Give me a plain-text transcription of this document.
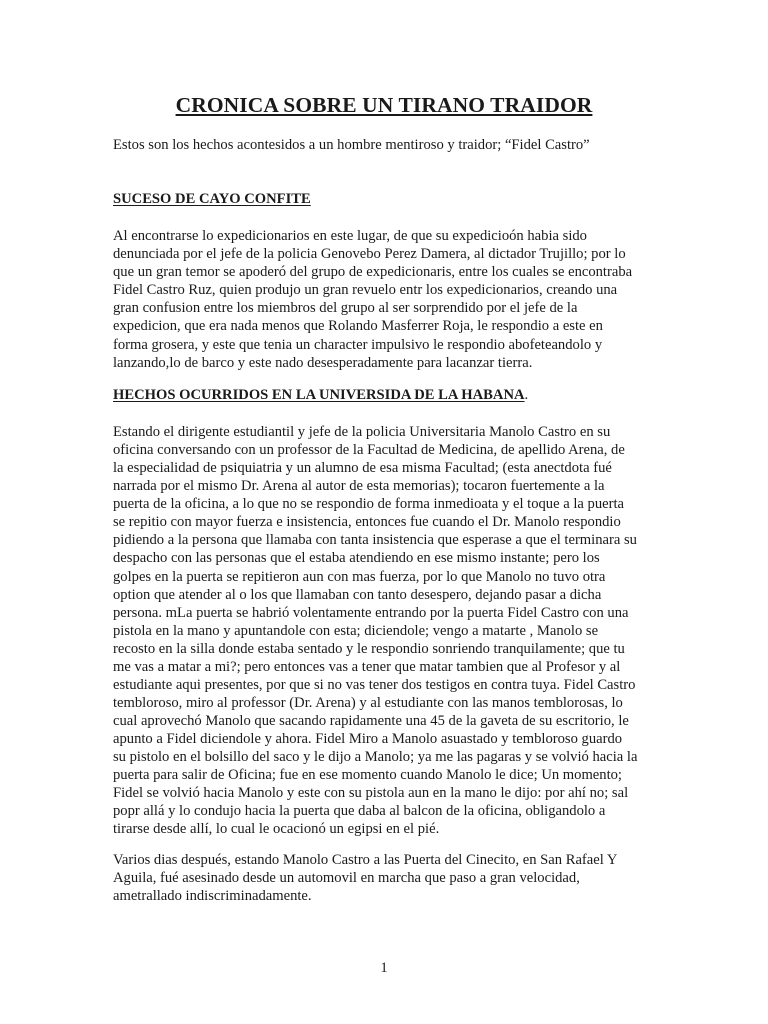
CRONICA SOBRE UN TIRANO TRAIDOR

Estos son los hechos acontesidos a un hombre mentiroso y traidor; “Fidel Castro”

SUCESO DE CAYO CONFITE

Al encontrarse lo expedicionarios en este lugar, de que su expedicioón habia sido
denunciada por el jefe de la policia Genovebo Perez Damera, al dictador Trujillo; por lo
que un gran temor se apoderó del grupo de expedicionaris, entre los cuales se encontraba
Fidel Castro Ruz, quien produjo un gran revuelo entr los expedicionarios, creando una
gran confusion entre los miembros del grupo al ser sorprendido por el jefe de la
expedicion, que era nada menos que Rolando Masferrer Roja, le respondio a este en
forma grosera, y este que tenia un character impulsivo le respondio abofeteandolo y
lanzando,lo de barco y este nado desesperadamente para lacanzar tierra.

HECHOS OCURRIDOS EN LA UNIVERSIDA DE LA HABANA.

Estando el dirigente estudiantil y jefe de la policia Universitaria Manolo Castro en su
oficina conversando con un professor de la Facultad de Medicina, de apellido Arena, de
la especialidad de psiquiatria y un alumno de esa misma Facultad; (esta anectdota fué
narrada por el mismo Dr. Arena al autor de esta memorias); tocaron fuertemente a la
puerta de la oficina, a lo que no se respondio de forma inmedioata y el toque a la puerta
se repitio con mayor fuerza e insistencia, entonces fue cuando el Dr. Manolo respondio
pidiendo a la persona que llamaba con tanta insistencia que esperase a que el terminara su
despacho con las personas que el estaba atendiendo en ese mismo instante; pero los
golpes en la puerta se repitieron aun con mas fuerza, por lo que Manolo no tuvo otra
option que atender al o los que llamaban con tanto desespero, dejando pasar a dicha
persona. mLa puerta se habrió volentamente entrando por la puerta Fidel Castro con una
pistola en la mano y apuntandole con esta; diciendole; vengo a matarte , Manolo se
recosto en la silla donde estaba sentado y le respondio sonriendo tranquilamente; que tu
me vas a matar a mi?; pero entonces vas a tener que matar tambien que al Profesor y al
estudiante aqui presentes, por que si no vas tener dos testigos en contra tuya. Fidel Castro
tembloroso, miro al professor (Dr. Arena) y al estudiante con las manos temblorosas, lo
cual aprovechó Manolo que sacando rapidamente una 45 de la gaveta de su escritorio, le
apunto a Fidel diciendole y ahora. Fidel Miro a Manolo asuastado y tembloroso guardo
su pistolo en el bolsillo del saco y le dijo a Manolo; ya me las pagaras y se volvió hacia la
puerta para salir de Oficina; fue en ese momento cuando Manolo le dice; Un momento;
Fidel se volvió hacia Manolo y este con su pistola aun en la mano le dijo: por ahí no; sal
popr allá y lo condujo hacia la puerta que daba al balcon de la oficina, obligandolo a
tirarse desde allí, lo cual le ocacionó un egipsi en el pié.
Varios dias después, estando Manolo Castro a las Puerta del Cinecito, en San Rafael Y
Aguila, fué asesinado desde un automovil en marcha que paso a gran velocidad,
ametrallado indiscriminadamente.

1
